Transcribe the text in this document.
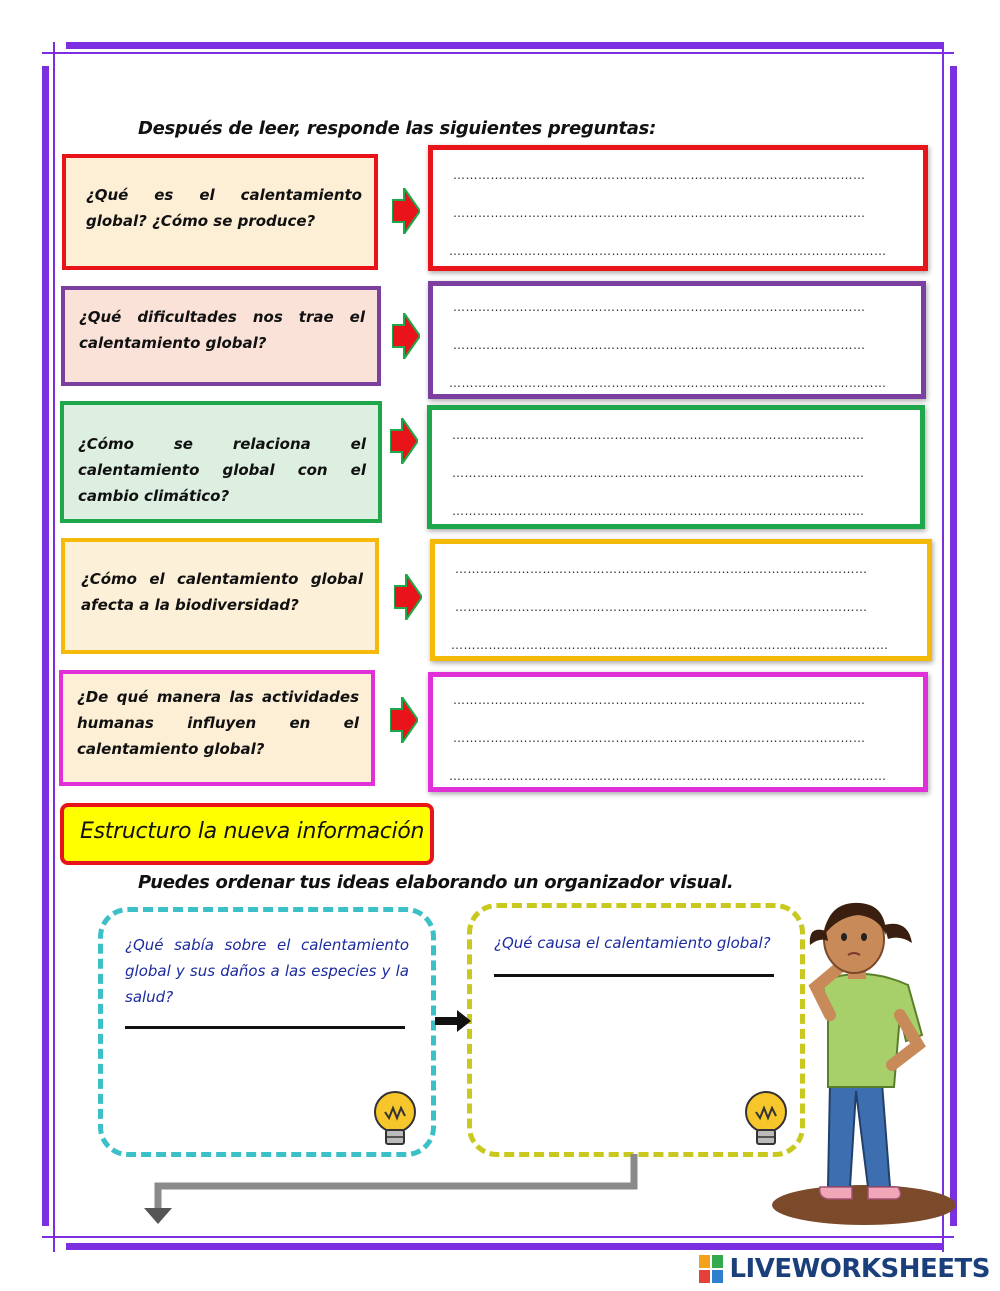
Después de leer, responde las siguientes preguntas:
¿Qué es el calentamiento global? ¿Cómo se produce?
¿Qué dificultades nos trae el calentamiento global?
¿Cómo se relaciona el calentamiento global con el cambio climático?
¿Cómo el calentamiento global afecta a la biodiversidad?
¿De qué manera las actividades humanas influyen en el calentamiento global?
………………………………………………………………………………………
………………………………………………………………………………………
……………………………………………………………………………………………
………………………………………………………………………………………
………………………………………………………………………………………
……………………………………………………………………………………………
………………………………………………………………………………………
………………………………………………………………………………………
………………………………………………………………………………………
………………………………………………………………………………………
………………………………………………………………………………………
……………………………………………………………………………………………
………………………………………………………………………………………
………………………………………………………………………………………
……………………………………………………………………………………………
Estructuro la nueva información
Puedes ordenar tus ideas elaborando un organizador visual.
¿Qué sabía sobre el calentamiento global y sus daños a las especies y la salud?
¿Qué causa el calentamiento global?
LIVEWORKSHEETS
